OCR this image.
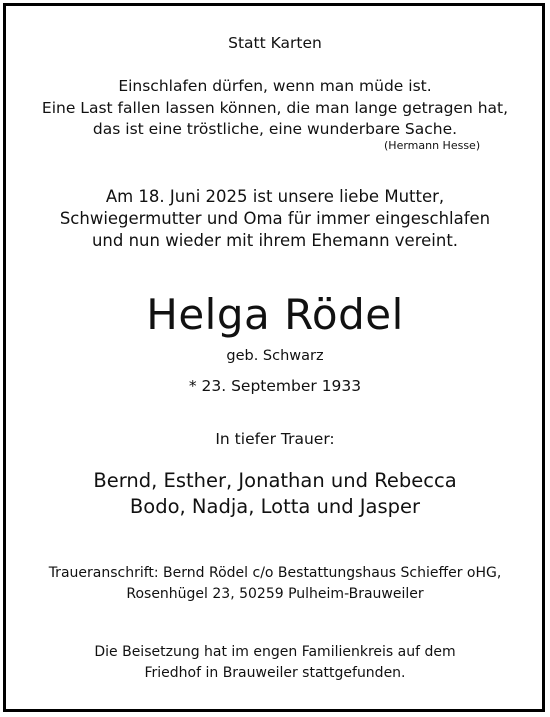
Statt Karten
Einschlafen dürfen, wenn man müde ist.
Eine Last fallen lassen können, die man lange getragen hat,
das ist eine tröstliche, eine wunderbare Sache.
(Hermann Hesse)
Am 18. Juni 2025 ist unsere liebe Mutter,
Schwiegermutter und Oma für immer eingeschlafen
und nun wieder mit ihrem Ehemann vereint.
Helga Rödel
geb. Schwarz
* 23. September 1933
In tiefer Trauer:
Bernd, Esther, Jonathan und Rebecca
Bodo, Nadja, Lotta und Jasper
Traueranschrift: Bernd Rödel c/o Bestattungshaus Schieffer oHG,
Rosenhügel 23, 50259 Pulheim-Brauweiler
Die Beisetzung hat im engen Familienkreis auf dem
Friedhof in Brauweiler stattgefunden.
